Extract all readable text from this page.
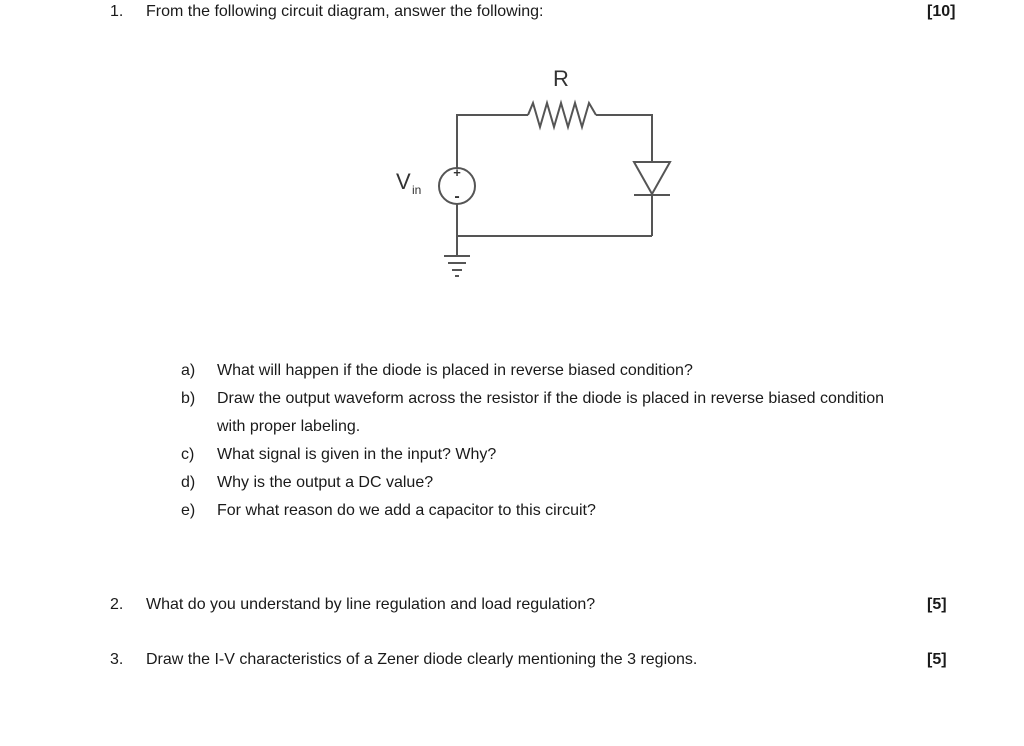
1. From the following circuit diagram, answer the following:	[10]
+
-
R
V in
a) What will happen if the diode is placed in reverse biased condition?
b) Draw the output waveform across the resistor if the diode is placed in reverse biased condition
with proper labeling.
c) What signal is given in the input? Why?
d) Why is the output a DC value?
e) For what reason do we add a capacitor to this circuit?
2. What do you understand by line regulation and load regulation?	[5]
3. Draw the I-V characteristics of a Zener diode clearly mentioning the 3 regions.	[5]
